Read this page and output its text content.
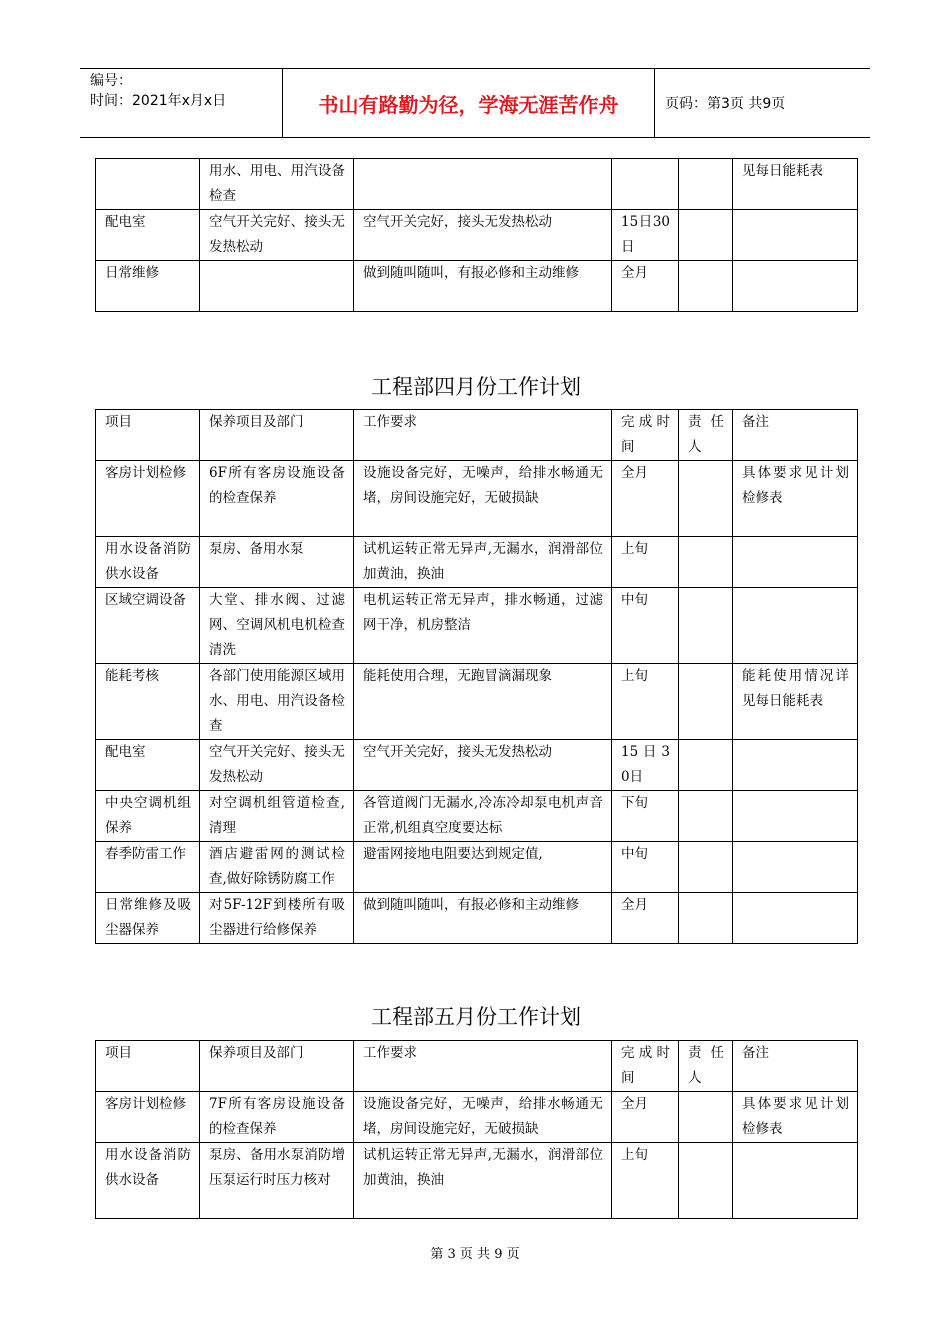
编号：
时间：2021年x月x日	书山有路勤为径，学海无涯苦作舟	页码：第3页 共9页
	用水、用电、用汽设备检查				见每日能耗表
配电室	空气开关完好、接头无发热松动	空气开关完好，接头无发热松动	15日30日		
日常维修		做到随叫随叫，有报必修和主动维修	全月		
工程部四月份工作计划
项目	保养项目及部门	工作要求	完成时间	责任人	备注
客房计划检修	6F所有客房设施设备的检查保养	设施设备完好，无噪声，给排水畅通无堵，房间设施完好，无破损缺	全月		具体要求见计划检修表
用水设备消防供水设备	泵房、备用水泵	试机运转正常无异声,无漏水，润滑部位加黄油，换油	上旬		
区域空调设备	大堂、排水阀、过滤网、空调风机电机检查清洗	电机运转正常无异声，排水畅通，过滤网干净，机房整洁	中旬		
能耗考核	各部门使用能源区域用水、用电、用汽设备检查	能耗使用合理，无跑冒滴漏现象	上旬		能耗使用情况详见每日能耗表
配电室	空气开关完好、接头无发热松动	空气开关完好，接头无发热松动	15 日 30日		
中央空调机组保养	对空调机组管道检查,清理	各管道阀门无漏水,冷冻冷却泵电机声音正常,机组真空度要达标	下旬		
春季防雷工作	酒店避雷网的测试检查,做好除锈防腐工作	避雷网接地电阻要达到规定值,	中旬		
日常维修及吸尘器保养	对5F-12F到楼所有吸尘器进行给修保养	做到随叫随叫，有报必修和主动维修	全月		
工程部五月份工作计划
项目	保养项目及部门	工作要求	完成时间	责任人	备注
客房计划检修	7F所有客房设施设备的检查保养	设施设备完好，无噪声，给排水畅通无堵，房间设施完好，无破损缺	全月		具体要求见计划检修表
用水设备消防供水设备	泵房、备用水泵消防增压泵运行时压力核对	试机运转正常无异声,无漏水，润滑部位加黄油，换油	上旬		
第 3 页 共 9 页
